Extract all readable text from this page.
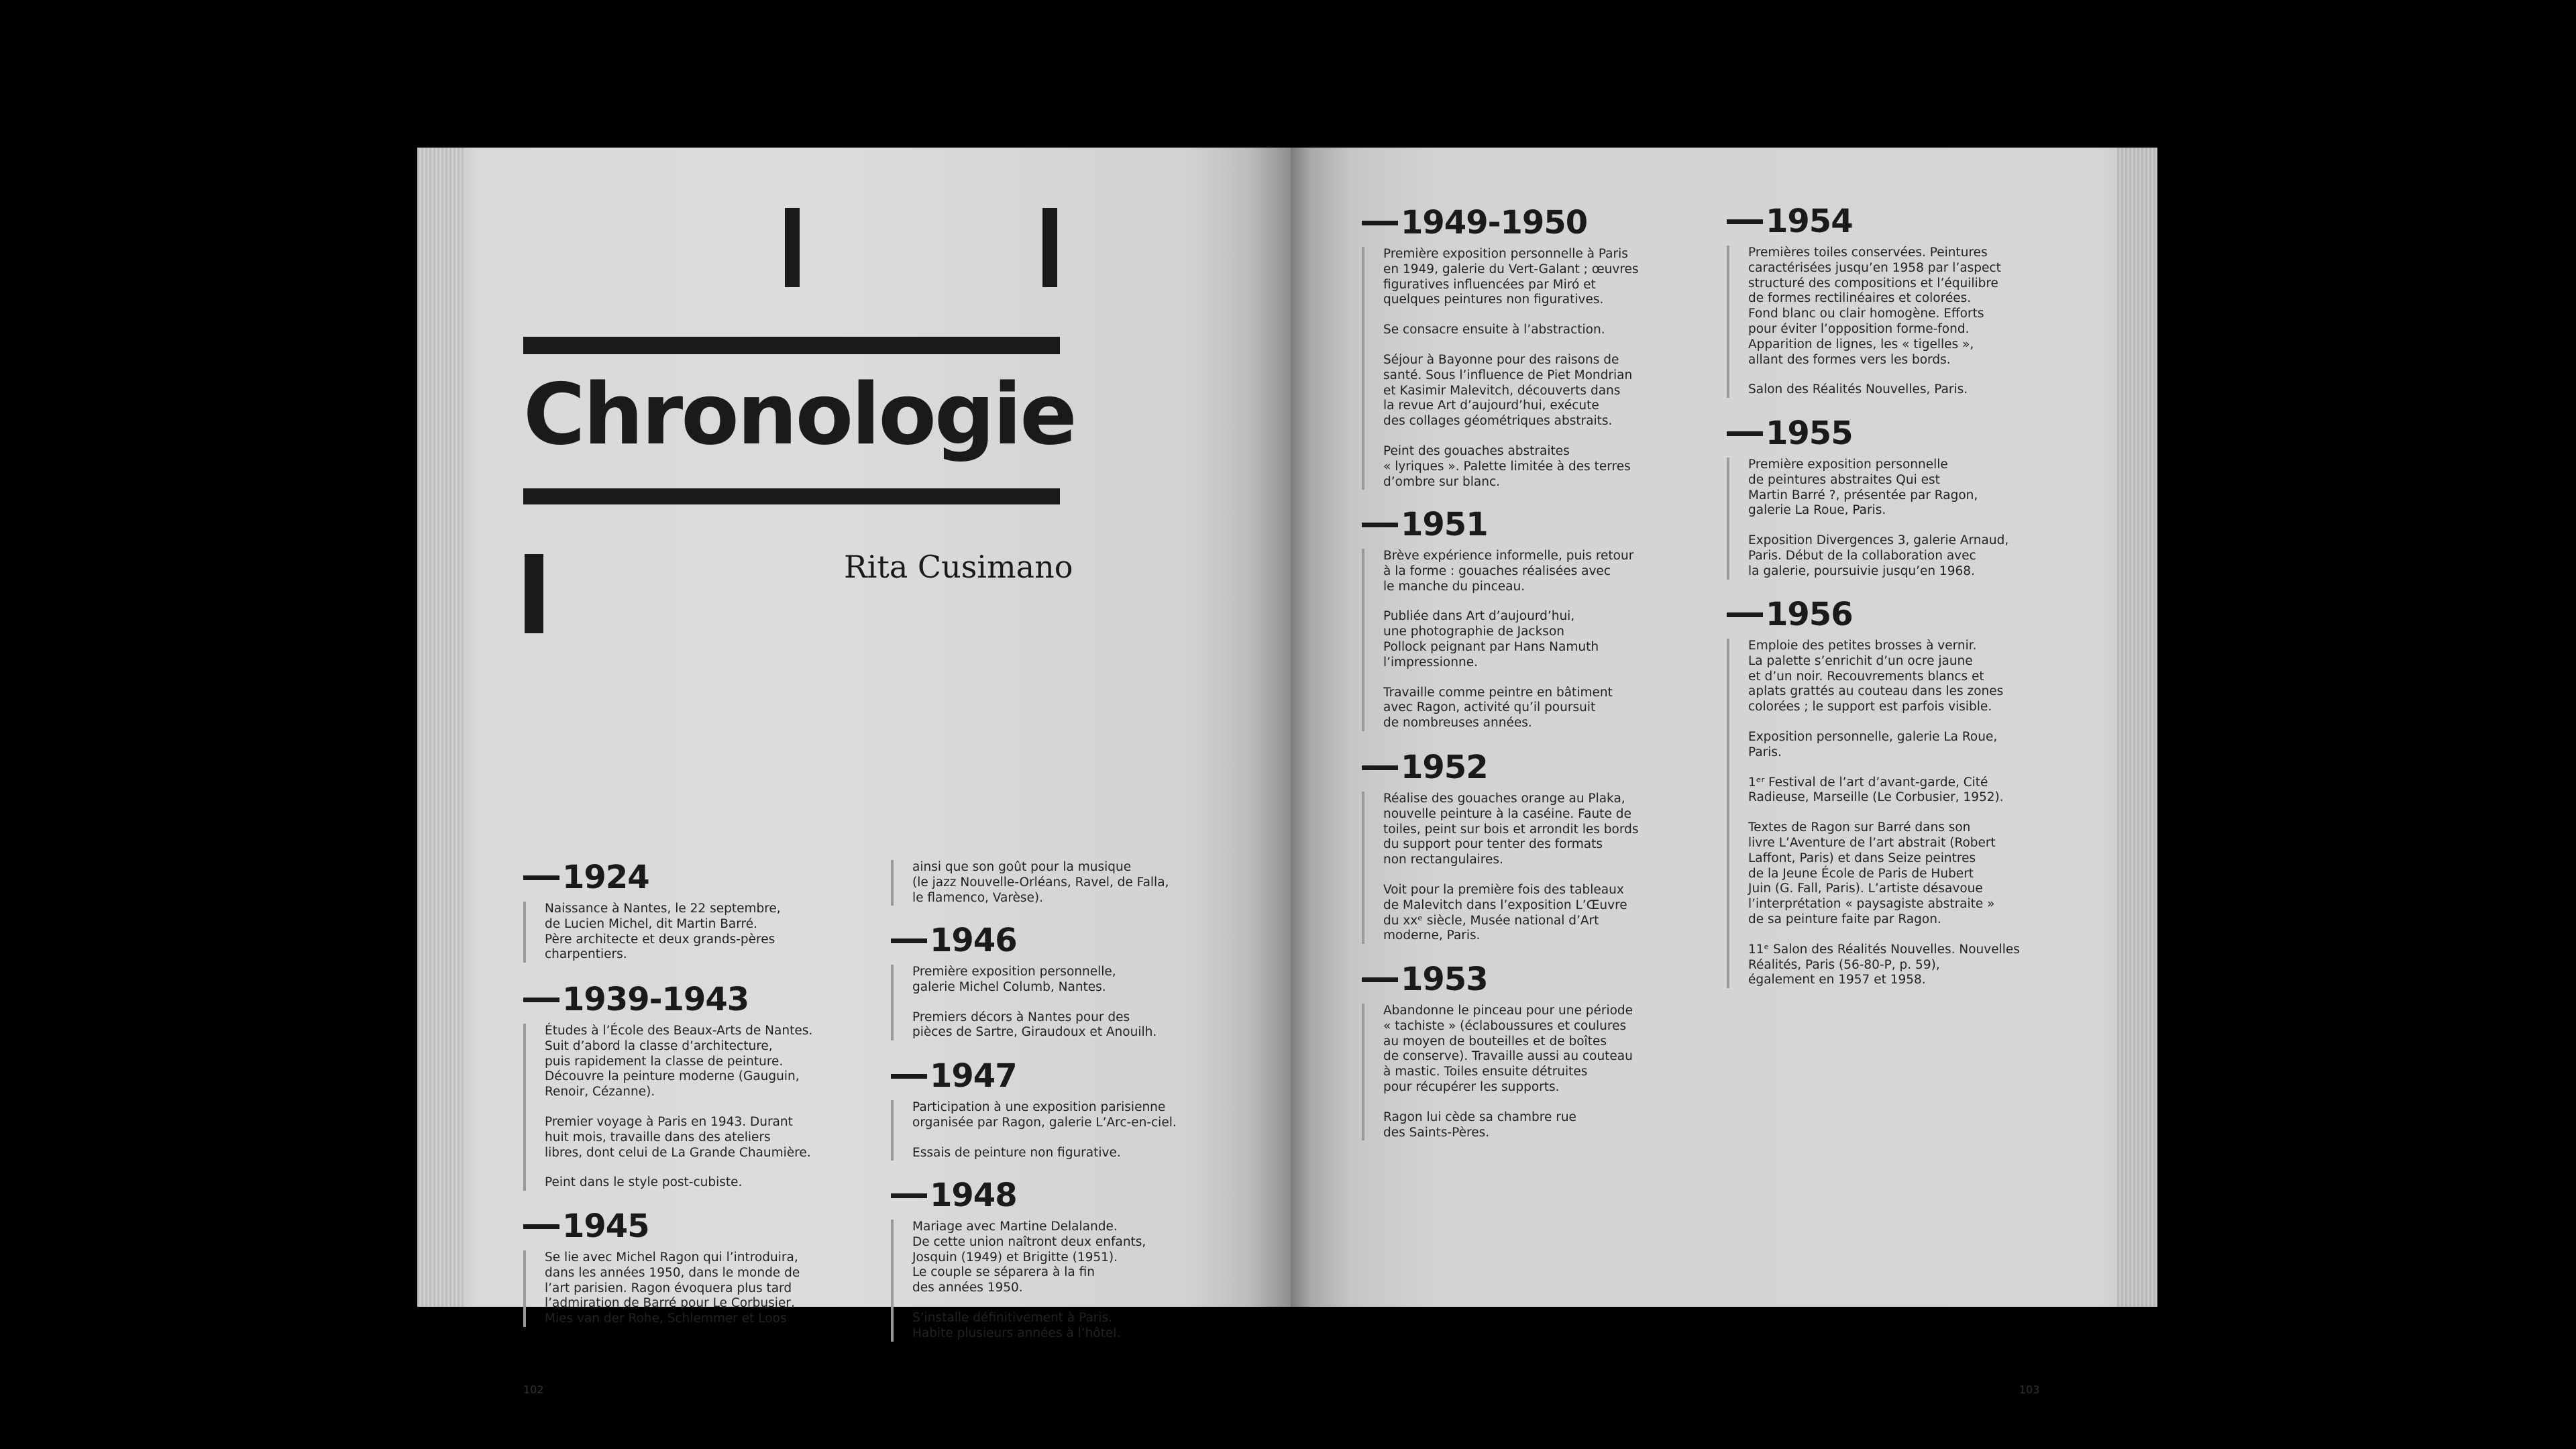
Chronologie
Rita Cusimano
1924

Naissance à Nantes, le 22 septembre,
de Lucien Michel, dit Martin Barré.
Père architecte et deux grands-pères
charpentiers.

1939-1943

Études à l’École des Beaux-Arts de Nantes.
Suit d’abord la classe d’architecture,
puis rapidement la classe de peinture.
Découvre la peinture moderne (Gauguin,
Renoir, Cézanne).

Premier voyage à Paris en 1943. Durant
huit mois, travaille dans des ateliers
libres, dont celui de La Grande Chaumière.

Peint dans le style post-cubiste.

1945

Se lie avec Michel Ragon qui l’introduira,
dans les années 1950, dans le monde de
l’art parisien. Ragon évoquera plus tard
l’admiration de Barré pour Le Corbusier,
Mies van der Rohe, Schlemmer et Loos

ainsi que son goût pour la musique
(le jazz Nouvelle-Orléans, Ravel, de Falla,
le flamenco, Varèse).

1946

Première exposition personnelle,
galerie Michel Columb, Nantes.

Premiers décors à Nantes pour des
pièces de Sartre, Giraudoux et Anouilh.

1947

Participation à une exposition parisienne
organisée par Ragon, galerie L’Arc-en-ciel.

Essais de peinture non figurative.

1948

Mariage avec Martine Delalande.
De cette union naîtront deux enfants,
Josquin (1949) et Brigitte (1951).
Le couple se séparera à la fin
des années 1950.

S’installe définitivement à Paris.
Habite plusieurs années à l’hôtel.

102
1949-1950

Première exposition personnelle à Paris
en 1949, galerie du Vert-Galant ; œuvres
figuratives influencées par Miró et
quelques peintures non figuratives.

Se consacre ensuite à l’abstraction.

Séjour à Bayonne pour des raisons de
santé. Sous l’influence de Piet Mondrian
et Kasimir Malevitch, découverts dans
la revue Art d’aujourd’hui, exécute
des collages géométriques abstraits.

Peint des gouaches abstraites
« lyriques ». Palette limitée à des terres
d’ombre sur blanc.

1951

Brève expérience informelle, puis retour
à la forme : gouaches réalisées avec
le manche du pinceau.

Publiée dans Art d’aujourd’hui,
une photographie de Jackson
Pollock peignant par Hans Namuth
l’impressionne.

Travaille comme peintre en bâtiment
avec Ragon, activité qu’il poursuit
de nombreuses années.

1952

Réalise des gouaches orange au Plaka,
nouvelle peinture à la caséine. Faute de
toiles, peint sur bois et arrondit les bords
du support pour tenter des formats
non rectangulaires.

Voit pour la première fois des tableaux
de Malevitch dans l’exposition L’Œuvre
du xxᵉ siècle, Musée national d’Art
moderne, Paris.

1953

Abandonne le pinceau pour une période
« tachiste » (éclaboussures et coulures
au moyen de bouteilles et de boîtes
de conserve). Travaille aussi au couteau
à mastic. Toiles ensuite détruites
pour récupérer les supports.

Ragon lui cède sa chambre rue
des Saints-Pères.

1954

Premières toiles conservées. Peintures
caractérisées jusqu’en 1958 par l’aspect
structuré des compositions et l’équilibre
de formes rectilinéaires et colorées.
Fond blanc ou clair homogène. Efforts
pour éviter l’opposition forme-fond.
Apparition de lignes, les « tigelles »,
allant des formes vers les bords.

Salon des Réalités Nouvelles, Paris.

1955

Première exposition personnelle
de peintures abstraites Qui est
Martin Barré ?, présentée par Ragon,
galerie La Roue, Paris.

Exposition Divergences 3, galerie Arnaud,
Paris. Début de la collaboration avec
la galerie, poursuivie jusqu’en 1968.

1956

Emploie des petites brosses à vernir.
La palette s’enrichit d’un ocre jaune
et d’un noir. Recouvrements blancs et
aplats grattés au couteau dans les zones
colorées ; le support est parfois visible.

Exposition personnelle, galerie La Roue,
Paris.

1ᵉʳ Festival de l’art d’avant-garde, Cité
Radieuse, Marseille (Le Corbusier, 1952).

Textes de Ragon sur Barré dans son
livre L’Aventure de l’art abstrait (Robert
Laffont, Paris) et dans Seize peintres
de la Jeune École de Paris de Hubert
Juin (G. Fall, Paris). L’artiste désavoue
l’interprétation « paysagiste abstraite »
de sa peinture faite par Ragon.

11ᵉ Salon des Réalités Nouvelles. Nouvelles
Réalités, Paris (56-80-P, p. 59),
également en 1957 et 1958.

103
